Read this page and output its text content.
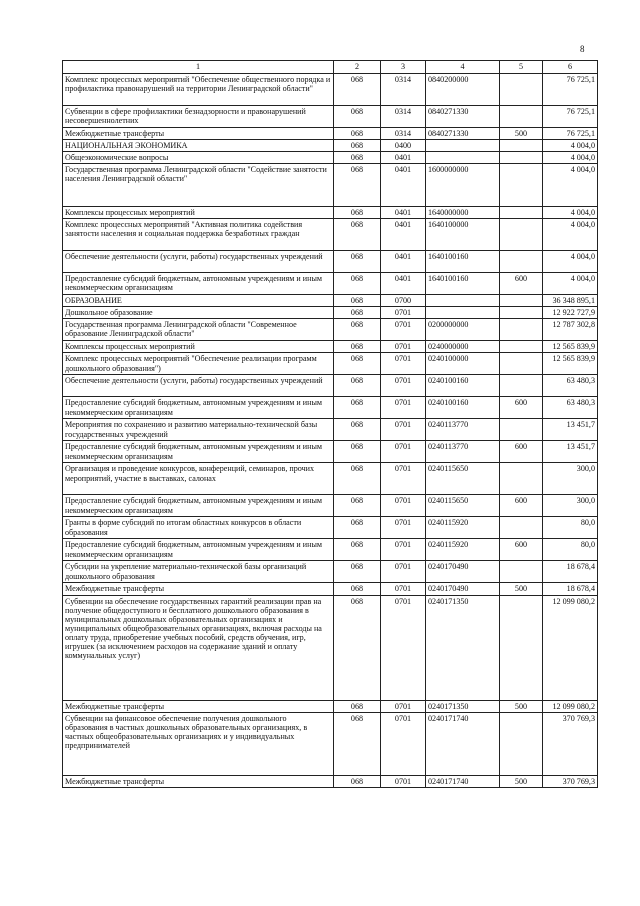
8
1	2	3	4	5	6
Комплекс процессных мероприятий "Обеспечение общественного порядка и профилактика правонарушений на территории Ленинградской области"	068	0314	0840200000		76 725,1
Субвенции в сфере профилактики безнадзорности и правонарушений несовершеннолетних	068	0314	0840271330		76 725,1
Межбюджетные трансферты	068	0314	0840271330	500	76 725,1
НАЦИОНАЛЬНАЯ ЭКОНОМИКА	068	0400			4 004,0
Общеэкономические вопросы	068	0401			4 004,0
Государственная программа Ленинградской области "Содействие занятости населения Ленинградской области"	068	0401	1600000000		4 004,0
Комплексы процессных мероприятий	068	0401	1640000000		4 004,0
Комплекс процессных мероприятий "Активная политика содействия занятости населения и социальная поддержка безработных граждан	068	0401	1640100000		4 004,0
Обеспечение деятельности (услуги, работы) государственных учреждений	068	0401	1640100160		4 004,0
Предоставление субсидий бюджетным, автономным учреждениям и иным некоммерческим организациям	068	0401	1640100160	600	4 004,0
ОБРАЗОВАНИЕ	068	0700			36 348 895,1
Дошкольное образование	068	0701			12 922 727,9
Государственная программа Ленинградской области "Современное образование Ленинградской области"	068	0701	0200000000		12 787 302,8
Комплексы процессных мероприятий	068	0701	0240000000		12 565 839,9
Комплекс процессных мероприятий "Обеспечение реализации программ дошкольного образования")	068	0701	0240100000		12 565 839,9
Обеспечение деятельности (услуги, работы) государственных учреждений	068	0701	0240100160		63 480,3
Предоставление субсидий бюджетным, автономным учреждениям и иным некоммерческим организациям	068	0701	0240100160	600	63 480,3
Мероприятия по сохранению и развитию материально-технической базы государственных учреждений	068	0701	0240113770		13 451,7
Предоставление субсидий бюджетным, автономным учреждениям и иным некоммерческим организациям	068	0701	0240113770	600	13 451,7
Организация и проведение конкурсов, конференций, семинаров, прочих мероприятий, участие в выставках, салонах	068	0701	0240115650		300,0
Предоставление субсидий бюджетным, автономным учреждениям и иным некоммерческим организациям	068	0701	0240115650	600	300,0
Гранты в форме субсидий по итогам областных конкурсов в области образования	068	0701	0240115920		80,0
Предоставление субсидий бюджетным, автономным учреждениям и иным некоммерческим организациям	068	0701	0240115920	600	80,0
Субсидии на укрепление материально-технической базы организаций дошкольного образования	068	0701	0240170490		18 678,4
Межбюджетные трансферты	068	0701	0240170490	500	18 678,4
Субвенции на обеспечение государственных гарантий реализации прав на получение общедоступного и бесплатного дошкольного образования в муниципальных дошкольных образовательных организациях и муниципальных общеобразовательных организациях, включая расходы на оплату труда, приобретение учебных пособий, средств обучения, игр, игрушек (за исключением расходов на содержание зданий и оплату коммунальных услуг)	068	0701	0240171350		12 099 080,2
Межбюджетные трансферты	068	0701	0240171350	500	12 099 080,2
Субвенции на финансовое обеспечение получения дошкольного образования в частных дошкольных образовательных организациях, в частных общеобразовательных организациях и у индивидуальных предпринимателей	068	0701	0240171740		370 769,3
Межбюджетные трансферты	068	0701	0240171740	500	370 769,3
